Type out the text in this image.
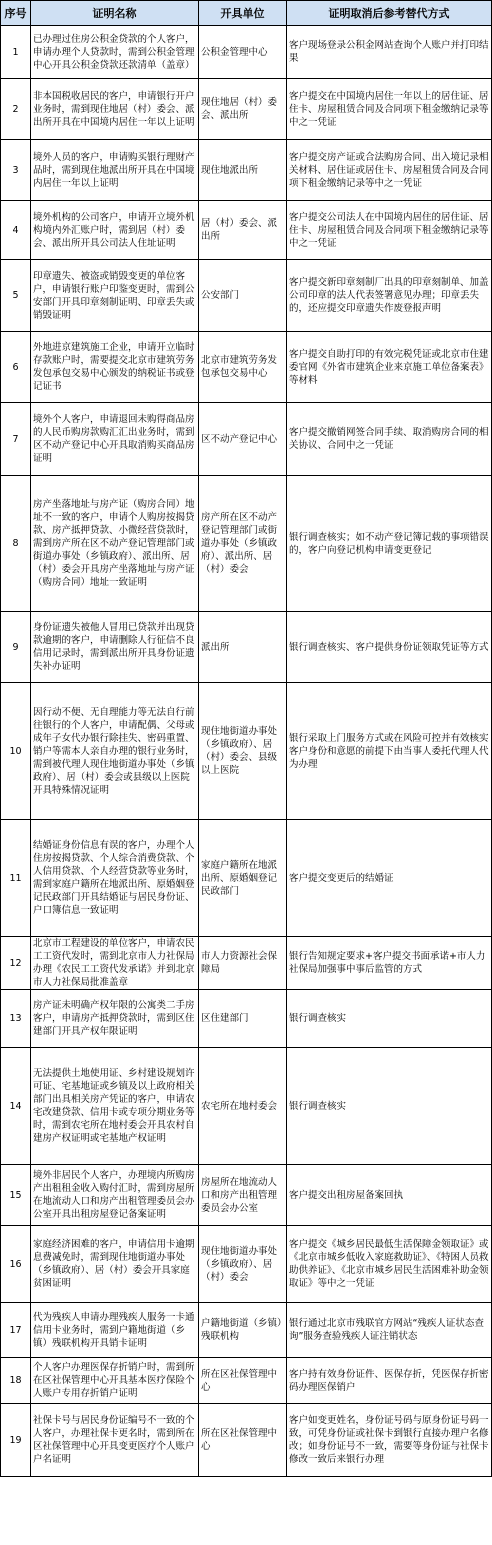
序号	证明名称	开具单位	证明取消后参考替代方式
1	已办理过住房公积金贷款的个人客户，申请办理个人贷款时，需到公积金管理中心开具公积金贷款还款清单（盖章）	公积金管理中心	客户现场登录公积金网站查询个人账户并打印结果
2	非本国税收居民的客户，申请银行开户业务时，需到现住地居（村）委会、派出所开具在中国境内居住一年以上证明	现住地居（村）委会、派出所	客户提交在中国境内居住一年以上的居住证、居住卡、房屋租赁合同及合同项下租金缴纳记录等中之一凭证
3	境外人员的客户，申请购买银行理财产品时，需到现住地派出所开具在中国境内居住一年以上证明	现住地派出所	客户提交房产证或合法购房合同、出入境记录相关材料、居住证或居住卡、房屋租赁合同及合同项下租金缴纳记录等中之一凭证
4	境外机构的公司客户，申请开立境外机构境内外汇账户时，需到居（村）委会、派出所开具公司法人住址证明	居（村）委会、派出所	客户提交公司法人在中国境内居住的居住证、居住卡、房屋租赁合同及合同项下租金缴纳记录等中之一凭证
5	印章遗失、被盗或销毁变更的单位客户，申请银行账户印鉴变更时，需到公安部门开具印章刻制证明、印章丢失或销毁证明	公安部门	客户提交新印章刻制厂出具的印章刻制单、加盖公司印章的法人代表签署意见办理；印章丢失的，还应提交印章遗失作废登报声明
6	外地进京建筑施工企业，申请开立临时存款账户时，需要提交北京市建筑劳务发包承包交易中心颁发的纳税证书或登记证书	北京市建筑劳务发包承包交易中心	客户提交自助打印的有效完税凭证或北京市住建委官网《外省市建筑企业来京施工单位备案表》等材料
7	境外个人客户，申请退回未购得商品房的人民币购房款购汇汇出业务时，需到区不动产登记中心开具取消购买商品房证明	区不动产登记中心	客户提交撤销网签合同手续、取消购房合同的相关协议、合同中之一凭证
8	房产坐落地址与房产证（购房合同）地址不一致的客户，申请个人购房按揭贷款、房产抵押贷款、小微经营贷款时，需到房产所在区不动产登记管理部门或街道办事处（乡镇政府）、派出所、居（村）委会开具房产坐落地址与房产证（购房合同）地址一致证明	房产所在区不动产登记管理部门或街道办事处（乡镇政府）、派出所、居（村）委会	银行调查核实；如不动产登记簿记载的事项错误的，客户向登记机构申请变更登记
9	身份证遗失被他人冒用已贷款并出现贷款逾期的客户，申请删除人行征信不良信用记录时，需到派出所开具身份证遗失补办证明	派出所	银行调查核实、客户提供身份证领取凭证等方式
10	因行动不便、无自理能力等无法自行前往银行的个人客户，申请配偶、父母或成年子女代办银行除挂失、密码重置、销户等需本人亲自办理的银行业务时，需到被代理人现住地街道办事处（乡镇政府）、居（村）委会或县级以上医院开具特殊情况证明	现住地街道办事处（乡镇政府）、居（村）委会、县级以上医院	银行采取上门服务方式或在风险可控并有效核实客户身份和意愿的前提下由当事人委托代理人代为办理
11	结婚证身份信息有误的客户，办理个人住房按揭贷款、个人综合消费贷款、个人信用贷款、个人经营贷款等业务时，需到家庭户籍所在地派出所、原婚姻登记民政部门开具结婚证与居民身份证、户口簿信息一致证明	家庭户籍所在地派出所、原婚姻登记民政部门	客户提交变更后的结婚证
12	北京市工程建设的单位客户，申请农民工工资代发时，需到北京市人力社保局办理《农民工工资代发承诺》并到北京市人力社保局批准盖章	市人力资源社会保障局	银行告知规定要求+客户提交书面承诺+市人力社保局加强事中事后监管的方式
13	房产证未明确产权年限的公寓类二手房客户，申请房产抵押贷款时，需到区住建部门开具产权年限证明	区住建部门	银行调查核实
14	无法提供土地使用证、乡村建设规划许可证、宅基地证或乡镇及以上政府相关部门出具相关房产凭证的客户，申请农宅改建贷款、信用卡或专项分期业务等时，需到农宅所在地村委会开具农村自建房产权证明或宅基地产权证明	农宅所在地村委会	银行调查核实
15	境外非居民个人客户，办理境内所购房产出租租金收入购付汇时，需到房屋所在地流动人口和房产出租管理委员会办公室开具出租房屋登记备案证明	房屋所在地流动人口和房产出租管理委员会办公室	客户提交出租房屋备案回执
16	家庭经济困难的客户，申请信用卡逾期息费减免时，需到现住地街道办事处（乡镇政府）、居（村）委会开具家庭贫困证明	现住地街道办事处（乡镇政府）、居（村）委会	客户提交《城乡居民最低生活保障金领取证》或《北京市城乡低收入家庭救助证》、《特困人员救助供养证》、《北京市城乡居民生活困难补助金领取证》等中之一凭证
17	代为残疾人申请办理残疾人服务一卡通信用卡业务时，需到户籍地街道（乡镇）残联机构开具销卡证明	户籍地街道（乡镇）残联机构	银行通过北京市残联官方网站“残疾人证状态查询”服务查验残疾人证注销状态
18	个人客户办理医保存折销户时，需到所在区社保管理中心开具基本医疗保险个人账户专用存折销户证明	所在区社保管理中心	客户持有效身份证件、医保存折，凭医保存折密码办理医保销户
19	社保卡号与居民身份证编号不一致的个人客户，办理社保卡更名时，需到所在区社保管理中心开具变更医疗个人账户户名证明	所在区社保管理中心	客户如变更姓名，身份证号码与原身份证号码一致，可凭身份证或社保卡到银行直接办理户名修改；如身份证号不一致，需要等身份证与社保卡修改一致后来银行办理
